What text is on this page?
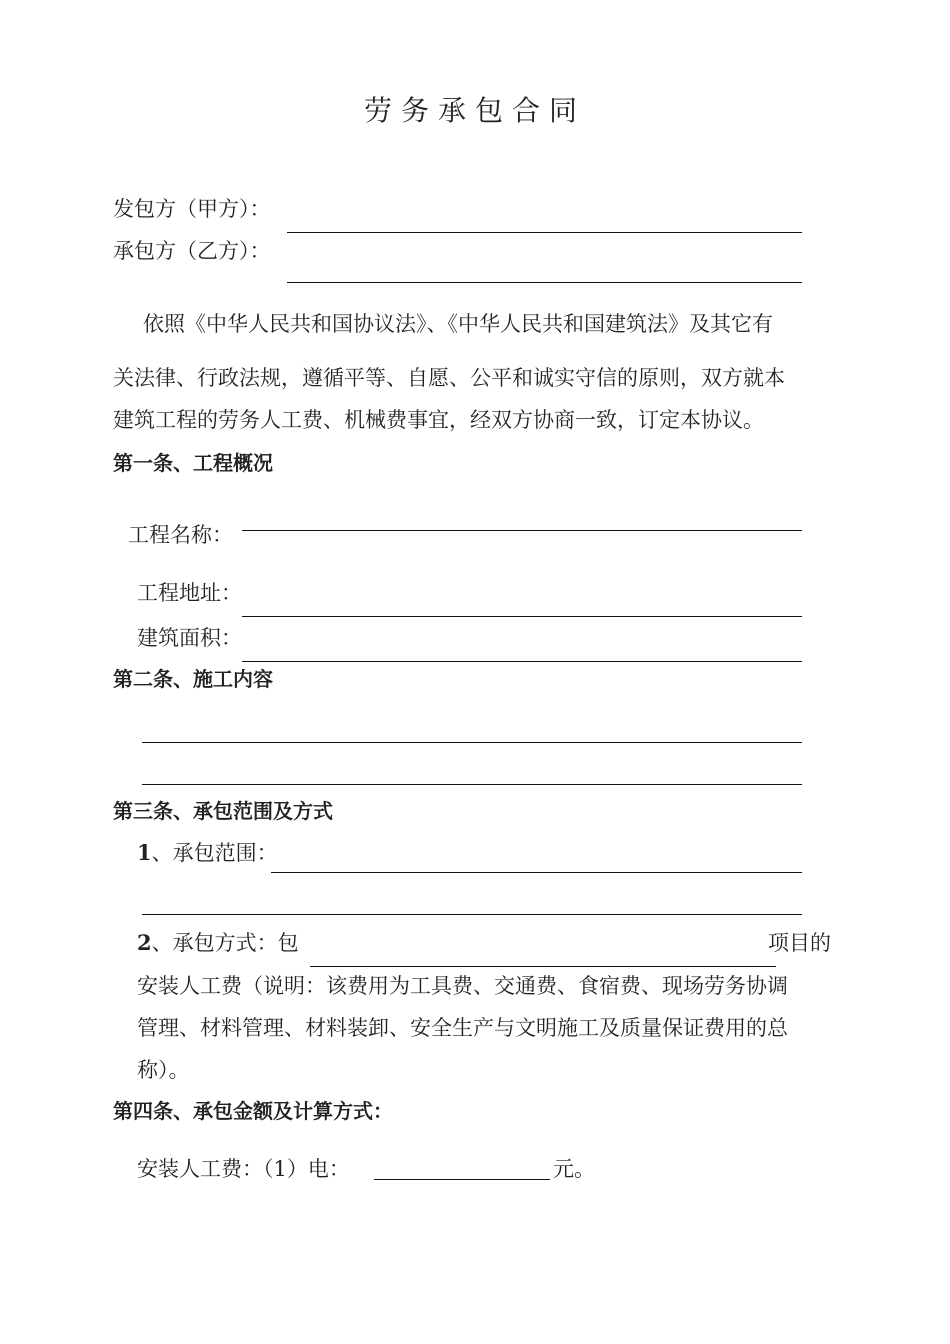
劳务承包合同
发包方（甲方）：
承包方（乙方）：
依照《中华人民共和国协议法》、《中华人民共和国建筑法》及其它有
关法律、行政法规，遵循平等、自愿、公平和诚实守信的原则，双方就本
建筑工程的劳务人工费、机械费事宜，经双方协商一致，订定本协议。
第一条、工程概况
工程名称：
工程地址：
建筑面积：
第二条、施工内容
第三条、承包范围及方式
1、承包范围：
2、承包方式：包	项目的
安装人工费（说明：该费用为工具费、交通费、食宿费、现场劳务协调
管理、材料管理、材料装卸、安全生产与文明施工及质量保证费用的总
称）。
第四条、承包金额及计算方式：
安装人工费：（1）电：	元。
